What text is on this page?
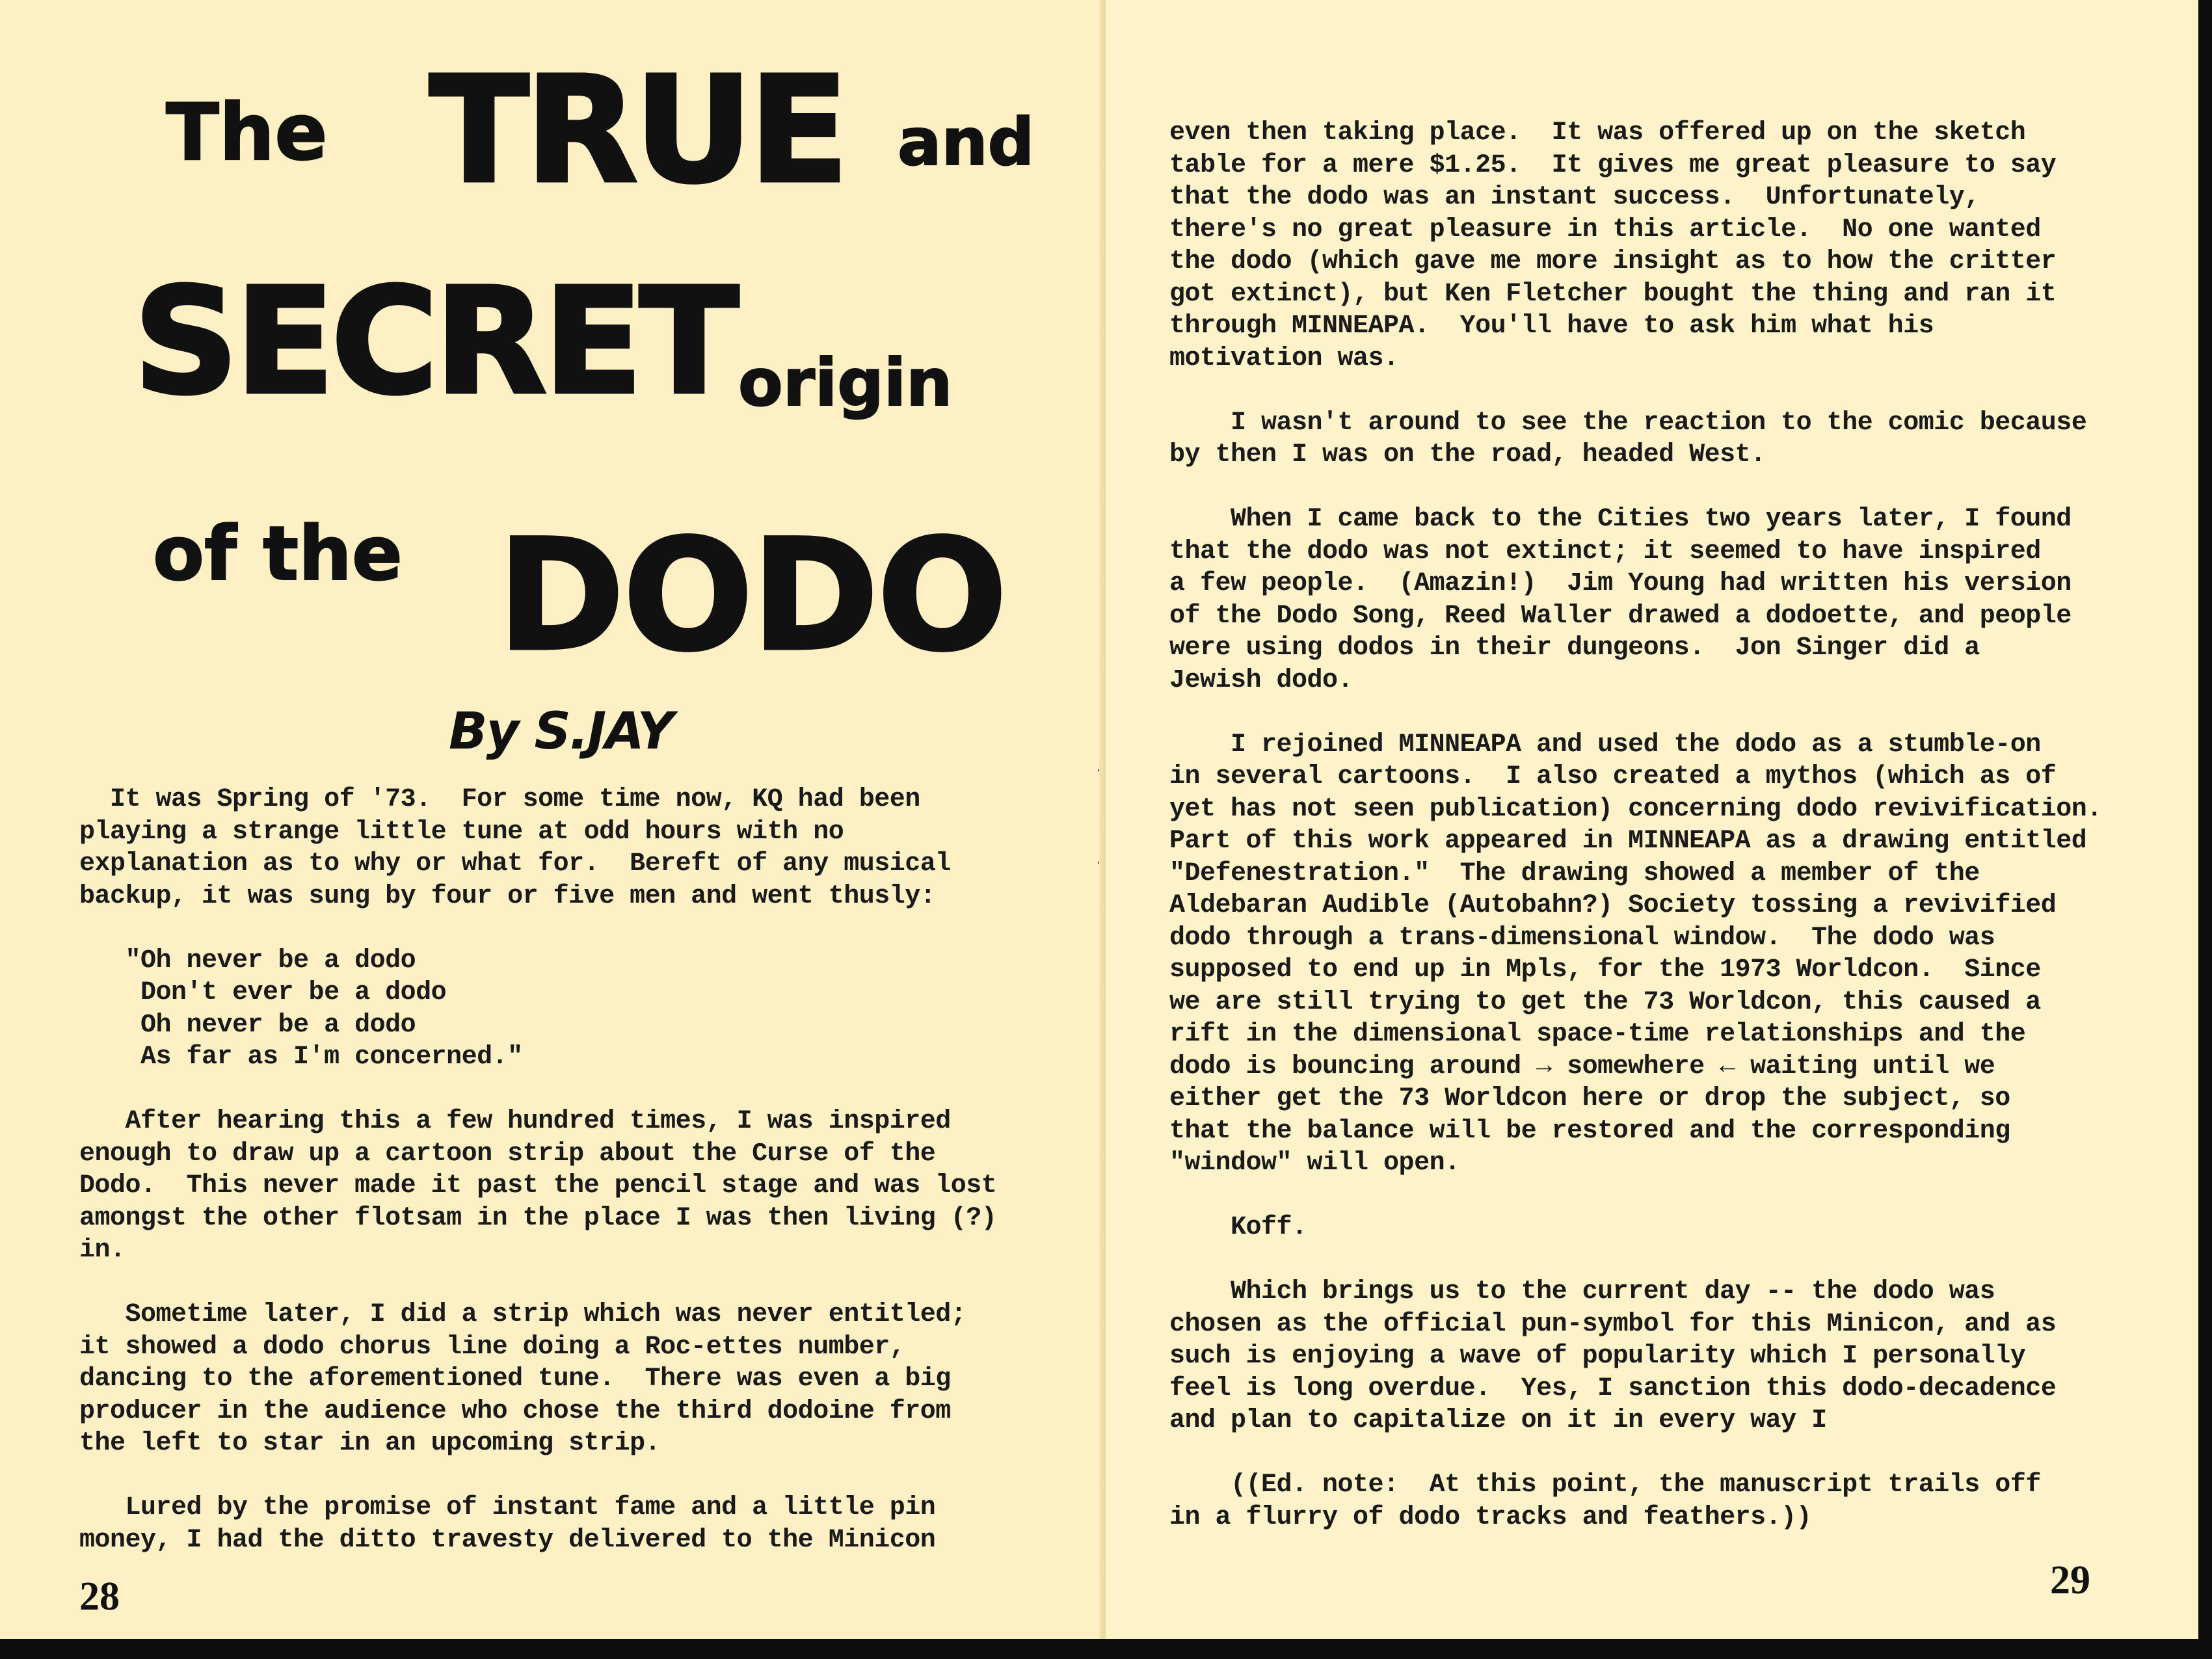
The TRUE and
SECRET origin
of the DODO
By S.JAY
It was Spring of '73.  For some time now, KQ had been
playing a strange little tune at odd hours with no
explanation as to why or what for.  Bereft of any musical
backup, it was sung by four or five men and went thusly:

"Oh never be a dodo
Don't ever be a dodo
Oh never be a dodo
As far as I'm concerned."

After hearing this a few hundred times, I was inspired
enough to draw up a cartoon strip about the Curse of the
Dodo.  This never made it past the pencil stage and was lost
amongst the other flotsam in the place I was then living (?)
in.

Sometime later, I did a strip which was never entitled;
it showed a dodo chorus line doing a Roc-ettes number,
dancing to the aforementioned tune.  There was even a big
producer in the audience who chose the third dodoine from
the left to star in an upcoming strip.

Lured by the promise of instant fame and a little pin
money, I had the ditto travesty delivered to the Minicon
28
even then taking place.  It was offered up on the sketch
table for a mere $1.25.  It gives me great pleasure to say
that the dodo was an instant success.  Unfortunately,
there's no great pleasure in this article.  No one wanted
the dodo (which gave me more insight as to how the critter
got extinct), but Ken Fletcher bought the thing and ran it
through MINNEAPA.  You'll have to ask him what his
motivation was.

I wasn't around to see the reaction to the comic because
by then I was on the road, headed West.

When I came back to the Cities two years later, I found
that the dodo was not extinct; it seemed to have inspired
a few people.  (Amazin!)  Jim Young had written his version
of the Dodo Song, Reed Waller drawed a dodoette, and people
were using dodos in their dungeons.  Jon Singer did a
Jewish dodo.

I rejoined MINNEAPA and used the dodo as a stumble-on
in several cartoons.  I also created a mythos (which as of
yet has not seen publication) concerning dodo revivification.
Part of this work appeared in MINNEAPA as a drawing entitled
"Defenestration."  The drawing showed a member of the
Aldebaran Audible (Autobahn?) Society tossing a revivified
dodo through a trans-dimensional window.  The dodo was
supposed to end up in Mpls, for the 1973 Worldcon.  Since
we are still trying to get the 73 Worldcon, this caused a
rift in the dimensional space-time relationships and the
dodo is bouncing around → somewhere ← waiting until we
either get the 73 Worldcon here or drop the subject, so
that the balance will be restored and the corresponding
"window" will open.

Koff.

Which brings us to the current day -- the dodo was
chosen as the official pun-symbol for this Minicon, and as
such is enjoying a wave of popularity which I personally
feel is long overdue.  Yes, I sanction this dodo-decadence
and plan to capitalize on it in every way I

((Ed. note:  At this point, the manuscript trails off
in a flurry of dodo tracks and feathers.))
29
